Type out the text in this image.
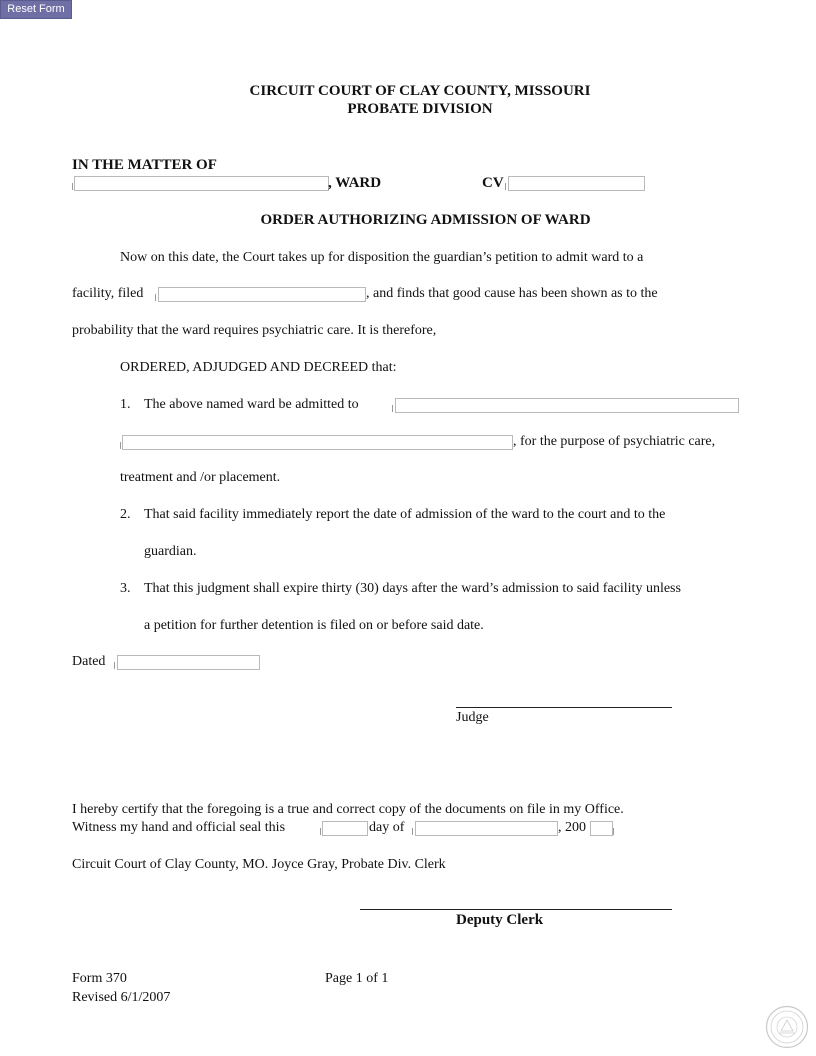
Reset Form
CIRCUIT COURT OF CLAY COUNTY, MISSOURI
PROBATE DIVISION
IN THE MATTER OF
, WARD	CV
ORDER AUTHORIZING ADMISSION OF WARD
Now on this date, the Court takes up for disposition the guardian’s petition to admit ward to a
facility, filed	, and finds that good cause has been shown as to the
probability that the ward requires psychiatric care. It is therefore,
ORDERED, ADJUDGED AND DECREED that:
1. The above named ward be admitted to
, for the purpose of psychiatric care,
treatment and /or placement.
2. That said facility immediately report the date of admission of the ward to the court and to the
guardian.
3. That this judgment shall expire thirty (30) days after the ward’s admission to said facility unless
a petition for further detention is filed on or before said date.
Dated
Judge
I hereby certify that the foregoing is a true and correct copy of the documents on file in my Office.
Witness my hand and official seal this	day of	, 200
Circuit Court of Clay County, MO. Joyce Gray, Probate Div. Clerk
Deputy Clerk
Form 370
Revised 6/1/2007
Page 1 of 1
